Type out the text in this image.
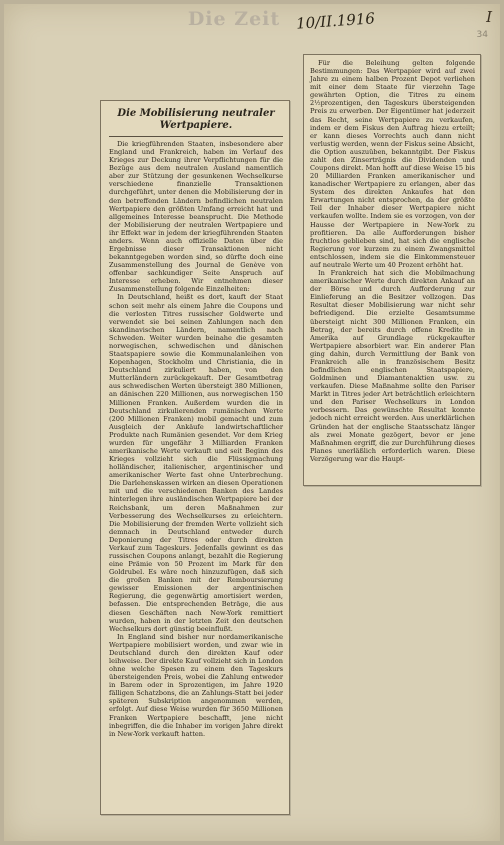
Die Zeit	10/II.1916	I
34
Die Mobilisierung neutraler Wertpapiere.

Die kriegführenden Staaten, insbesondere aber England und Frankreich, haben im Verlauf des Krieges zur Deckung ihrer Verpflichtungen für die Bezüge aus dem neutralen Ausland namentlich aber zur Stützung der gesunkenen Wechselkurse verschiedene finanzielle Transaktionen durchgeführt, unter denen die Mobilisierung der in den betreffenden Ländern befindlichen neutralen Wertpapiere den größten Umfang erreicht hat und allgemeines Interesse beansprucht. Die Methode der Mobilisierung der neutralen Wertpapiere und ihr Effekt war in jedem der kriegführenden Staaten anders. Wenn auch offizielle Daten über die Ergebnisse dieser Transaktionen nicht bekanntgegeben worden sind, so dürfte doch eine Zusammenstellung des Journal de Genève von offenbar sachkundiger Seite Anspruch auf Interesse erheben. Wir entnehmen dieser Zusammenstellung folgende Einzelheiten:

In Deutschland, heißt es dort, kauft der Staat schon seit mehr als einem Jahre die Coupons und die verlosten Titres russischer Goldwerte und verwendet sie bei seinen Zahlungen nach den skandinavischen Ländern, namentlich nach Schweden. Weiter wurden beinahe die gesamten norwegischen, schwedischen und dänischen Staatspapiere sowie die Kommunalanleihen von Kopenhagen, Stockholm und Christiania, die in Deutschland zirkuliert haben, von den Mutterländern zurückgekauft. Der Gesamtbetrag aus schwedischen Werten übersteigt 380 Millionen, an dänischen 220 Millionen, aus norwegischen 150 Millionen Franken. Außerdem wurden die in Deutschland zirkulierenden rumänischen Werte (200 Millionen Franken) mobil gemacht und zum Ausgleich der Ankäufe landwirtschaftlicher Produkte nach Rumänien gesendet. Vor dem Krieg wurden für ungefähr 3 Milliarden Franken amerikanische Werte verkauft und seit Beginn des Krieges vollzieht sich die Flüssigmachung holländischer, italienischer, argentinischer und amerikanischer Werte fast ohne Unterbrechung. Die Darlehenskassen wirken an diesen Operationen mit und die verschiedenen Banken des Landes hinterlegen ihre ausländischen Wertpapiere bei der Reichsbank, um deren Maßnahmen zur Verbesserung des Wechselkurses zu erleichtern. Die Mobilisierung der fremden Werte vollzieht sich demnach in Deutschland entweder durch Deponierung der Titres oder durch direkten Verkauf zum Tageskurs. Jedenfalls gewinnt es das russischen Coupons anlangt, bezahlt die Regierung eine Prämie von 50 Prozent im Mark für den Goldrubel. Es wäre noch hinzuzufügen, daß sich die großen Banken mit der Remboursierung gewisser Emissionen der argentinischen Regierung, die gegenwärtig amortisiert werden, befassen. Die entsprechenden Beträge, die aus diesen Geschäften nach New-York remittiert wurden, haben in der letzten Zeit den deutschen Wechselkurs dort günstig beeinflußt.

In England sind bisher nur nordamerikanische Wertpapiere mobilisiert worden, und zwar wie in Deutschland durch den direkten Kauf oder leihweise. Der direkte Kauf vollzieht sich in London ohne welche Spesen zu einem den Tageskurs übersteigenden Preis, wobei die Zahlung entweder in Barem oder in Sprozentigen, im Jahre 1920 fälligen Schatzbons, die an Zahlungs-Statt bei jeder späteren Subskription angenommen werden, erfolgt. Auf diese Weise wurden für 3650 Millionen Franken Wertpapiere beschafft, jene nicht inbegriffen, die die Inhaber im vorigen Jahre direkt in New-York verkauft hatten.

Für die Beleihung gelten folgende Bestimmungen: Das Wertpapier wird auf zwei Jahre zu einem halben Prozent Depot verliehen mit einer dem Staate für vierzehn Tage gewährten Option, die Titres zu einem 2½prozentigen, den Tageskurs übersteigenden Preis zu erwerben. Der Eigentümer hat jederzeit das Recht, seine Wertpapiere zu verkaufen, indem er dem Fiskus den Auftrag hiezu erteilt; er kann dieses Vorrechts auch dann nicht verlustig werden, wenn der Fiskus seine Absicht, die Option auszuüben, bekanntgibt. Der Fiskus zahlt den Zinserträgnis die Dividenden und Coupons direkt. Man hofft auf diese Weise 15 bis 20 Milliarden Franken amerikanischer und kanadischer Wertpapiere zu erlangen, aber das System des direkten Ankaufes hat den Erwartungen nicht entsprochen, da der größte Teil der Inhaber dieser Wertpapiere nicht verkaufen wollte. Indem sie es vorzogen, von der Hausse der Wertpapiere in New-York zu profitieren. Da alle Aufforderungen bisher fruchtlos geblieben sind, hat sich die englische Regierung vor kurzem zu einem Zwangsmittel entschlossen, indem sie die Einkommensteuer auf neutrale Werte um 40 Prozent erhöht hat.

In Frankreich hat sich die Mobilmachung amerikanischer Werte durch direkten Ankauf an der Börse und durch Aufforderung zur Einlieferung an die Besitzer vollzogen. Das Resultat dieser Mobilisierung war nicht sehr befriedigend. Die erzielte Gesamtsumme übersteigt nicht 300 Millionen Franken, ein Betrag, der bereits durch offene Kredite in Amerika auf Grundlage rückgekaufter Wertpapiere absorbiert war. Ein anderer Plan ging dahin, durch Vermittlung der Bank von Frankreich alle in französischem Besitz befindlichen englischen Staatspapiere, Goldminen und Diamantenaktien usw. zu verkaufen. Diese Maßnahme sollte den Pariser Markt in Titres jeder Art beträchtlich erleichtern und den Pariser Wechselkurs in London verbessern. Das gewünschte Resultat konnte jedoch nicht erreicht werden. Aus unerklärlichen Gründen hat der englische Staatsschatz länger als zwei Monate gezögert, bevor er jene Maßnahmen ergriff, die zur Durchführung dieses Planes unerläßlich erforderlich waren. Diese Verzögerung war die Haupt-
